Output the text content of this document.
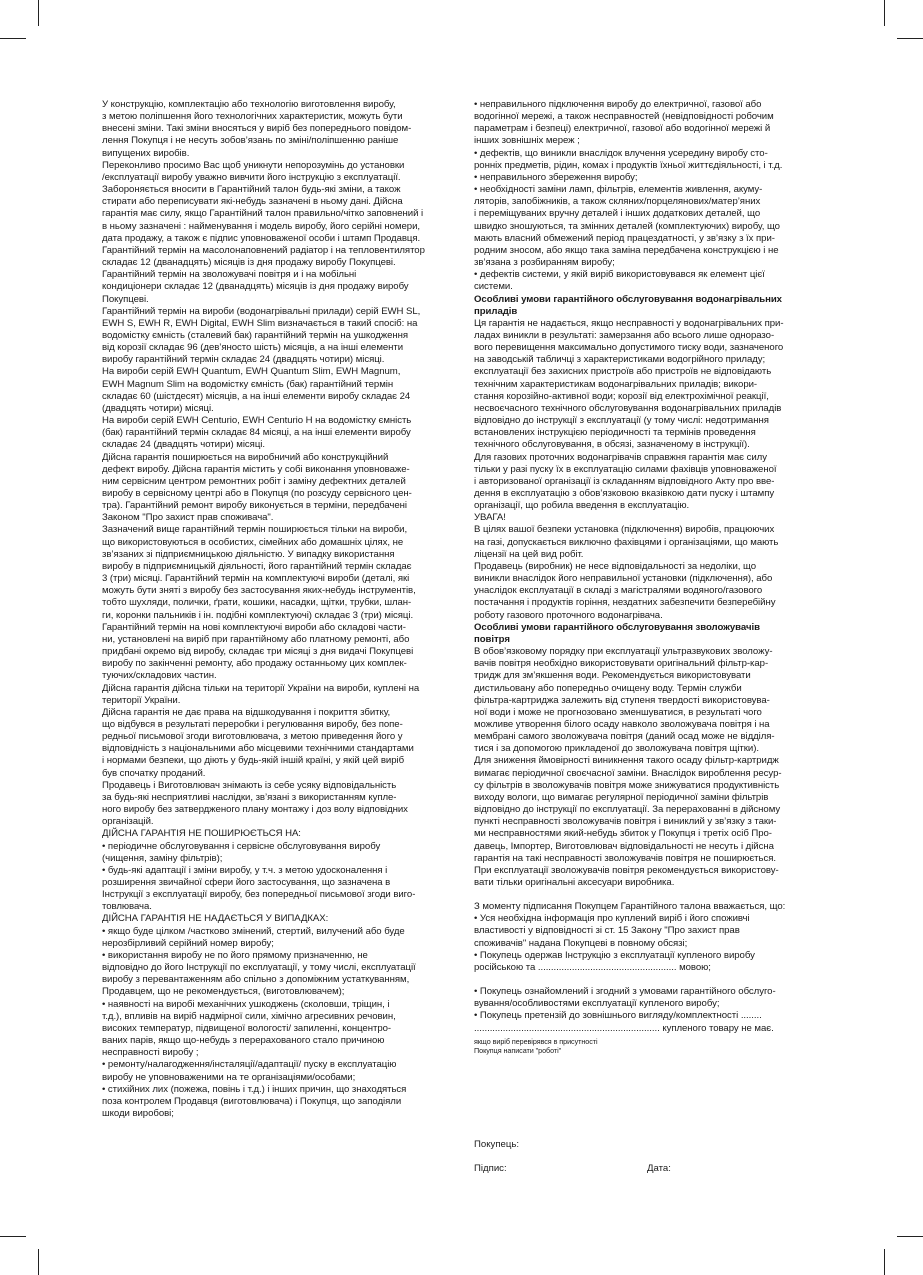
У конструкцію, комплектацію або технологію виготовлення виробу,
з метою поліпшення його технологічних характеристик, можуть бути
внесені зміни. Такі зміни вносяться у виріб без попереднього повідом-
лення Покупця і не несуть зобов’язань по зміні/поліпшенню раніше
випущених виробів.
Переконливо просимо Вас щоб уникнути непорозумінь до установки
/експлуатації виробу уважно вивчити його інструкцію з експлуатації.
Забороняється вносити в Гарантійний талон будь-які зміни, а також
стирати або переписувати які-небудь зазначені в ньому дані. Дійсна
гарантія має силу, якщо Гарантійний талон правильно/чітко заповнений і
в ньому зазначені : найменування і модель виробу, його серійні номери,
дата продажу, а також є підпис уповноваженої особи і штамп Продавця.
Гарантійний термін на масолонаповнений радіатор і на тепловентилятор
складає 12 (дванадцять) місяців із дня продажу виробу Покупцеві.
Гарантійний термін на зволожувачі повітря и і на мобільні
кондиціонери складає 12 (дванадцять) місяців із дня продажу виробу
Покупцеві.
Гарантійний термін на вироби (водонагрівальні прилади) серій EWH SL,
EWH S, EWH R, EWH Digital, EWH Slim визначається в такий спосіб: на
водомістку ємність (сталевий бак) гарантійний термін на ушкодження
від корозії складає 96 (дев’яносто шість) місяців, а на інші елементи
виробу гарантійний термін складає 24 (двадцять чотири) місяці.
На вироби серій EWH Quantum, EWH Quantum Slim, EWH Magnum,
EWH Magnum Slim на водомістку ємність (бак) гарантійний термін
складає 60 (шістдесят) місяців, а на інші елементи виробу складає 24
(двадцять чотири) місяці.
На вироби серій EWH Centurio, EWH Centurio H на водомістку ємність
(бак) гарантійний термін складає 84 місяці, а на інші елементи виробу
складає 24 (двадцять чотири) місяці.
Дійсна гарантія поширюється на виробничий або конструкційний
дефект виробу. Дійсна гарантія містить у собі виконання уповноваже-
ним сервісним центром ремонтних робіт і заміну дефектних деталей
виробу в сервісному центрі або в Покупця (по розсуду сервісного цен-
тра). Гарантійний ремонт виробу виконується в терміни, передбачені
Законом "Про захист прав споживача".
Зазначений вище гарантійний термін поширюється тільки на вироби,
що використовуються в особистих, сімейних або домашніх цілях, не
зв’язаних зі підприємницькою діяльністю. У випадку використання
виробу в підприємницькій діяльності, його гарантійний термін складає
3 (три) місяці. Гарантійний термін на комплектуючі вироби (деталі, які
можуть бути зняті з виробу без застосування яких-небудь інструментів,
тобто шухляди, полички, ґрати, кошики, насадки, щітки, трубки, шлан-
ги, коронки пальників і ін. подібні комплектуючі) складає 3 (три) місяці.
Гарантійний термін на нові комплектуючі вироби або складові части-
ни, установлені на виріб при гарантійному або платному ремонті, або
придбані окремо від виробу, складає три місяці з дня видачі Покупцеві
виробу по закінченні ремонту, або продажу останньому цих комплек-
туючих/складових частин.
Дійсна гарантія дійсна тільки на території України на вироби, куплені на
території України.
Дійсна гарантія не дає права на відшкодування і покриття збитку,
що відбувся в результаті переробки і регулювання виробу, без попе-
редньої письмової згоди виготовлювача, з метою приведення його у
відповідність з національними або місцевими технічними стандартами
і нормами безпеки, що діють у будь-якій іншій країні, у якій цей виріб
був спочатку проданий.
Продавець і Виготовлювач знімають із себе усяку відповідальність
за будь-які несприятливі наслідки, зв’язані з використанням купле-
ного виробу без затвердженого плану монтажу і доз волу відповідних
організацій.
ДІЙСНА ГАРАНТІЯ НЕ ПОШИРЮЄТЬСЯ НА:
• періодичне обслуговування і сервісне обслуговування виробу
(чищення, заміну фільтрів);
• будь-які адаптації і зміни виробу, у т.ч. з метою удосконалення і
розширення звичайної сфери його застосування, що зазначена в
Інструкції з експлуатації виробу, без попередньої письмової згоди виго-
товлювача.
ДІЙСНА ГАРАНТІЯ НЕ НАДАЄТЬСЯ У ВИПАДКАХ:
• якщо буде цілком /частково змінений, стертий, вилучений або буде
нерозбірливий серійний номер виробу;
• використання виробу не по його прямому призначенню, не
відповідно до його Інструкції по експлуатації, у тому числі, експлуатації
виробу з перевантаженням або спільно з допоміжним устаткуванням,
Продавцем, що не рекомендується, (виготовлювачем);
• наявності на виробі механічних ушкоджень (сколовши, тріщин, і
т.д.), впливів на виріб надмірної сили, хімічно агресивних речовин,
високих температур, підвищеної вологості/ запиленні, концентро-
ваних парів, якщо що-небудь з перерахованого стало причиною
несправності виробу ;
• ремонту/налагодження/інсталяції/адаптації/ пуску в експлуатацію
виробу не уповноваженими на те організаціями/особами;
• стихійних лих (пожежа, повінь і т.д.) і інших причин, що знаходяться
поза контролем Продавця (виготовлювача) і Покупця, що заподіяли
шкоди виробові;
• неправильного підключення виробу до електричної, газової або
водогінної мережі, а також несправностей (невідповідності робочим
параметрам і безпеці) електричної, газової або водогінної мережі й
інших зовнішніх мереж ;
• дефектів, що виникли внаслідок влучення усередину виробу сто-
ронніх предметів, рідин, комах і продуктів їхньої життєдіяльності, і т.д.
• неправильного збереження виробу;
• необхідності заміни ламп, фільтрів, елементів живлення, акуму-
ляторів, запобіжників, а також скляних/порцелянових/матер’яних
і переміщуваних вручну деталей і інших додаткових деталей, що
швидко зношуються, та змінних деталей (комплектуючих) виробу, що
мають власний обмежений період працездатності, у зв’язку з їх при-
родним зносом, або якщо така заміна передбачена конструкцією і не
зв’язана з розбиранням виробу;
• дефектів системи, у якій виріб використовувався як елемент цієї
системи.
Особливі умови гарантійного обслуговування водонагрівальних
приладів
Ця гарантія не надається, якщо несправності у водонагрівальних при-
ладах виникли в результаті: замерзання або всього лише одноразо-
вого перевищення максимально допустимого тиску води, зазначеного
на заводській табличці з характеристиками водогрійного приладу;
експлуатації без захисних пристроїв або пристроїв не відповідають
технічним характеристикам водонагрівальних приладів; викори-
стання корозійно-активної води; корозії від електрохімічної реакції,
несвоєчасного технічного обслуговування водонагрівальних приладів
відповідно до інструкції з експлуатації (у тому числі: недотримання
встановлених інструкцією періодичності та термінів проведення
технічного обслуговування, в обсязі, зазначеному в інструкції).
Для газових проточних водонагрівачів справжня гарантія має силу
тільки у разі пуску їх в експлуатацію силами фахівців уповноваженої
і авторизованої організації із складанням відповідного Акту про вве-
дення в експлуатацію з обов’язковою вказівкою дати пуску і штампу
організації, що робила введення в експлуатацію.
УВАГА!
В цілях вашої безпеки установка (підключення) виробів, працюючих
на газі, допускається виключно фахівцями і організаціями, що мають
ліцензії на цей вид робіт.
Продавець (виробник) не несе відповідальності за недоліки, що
виникли внаслідок його неправильної установки (підключення), або
унаслідок експлуатації в складі з магістралями водяного/газового
постачання і продуктів горіння, нездатних забезпечити безперебійну
роботу газового проточного водонагрівача.
Особливі умови гарантійного обслуговування зволожувачів
повітря
В обов’язковому порядку при експлуатації ультразвукових зволожу-
вачів повітря необхідно використовувати оригінальний фільтр-кар-
тридж для зм’якшення води. Рекомендується використовувати
дистильовану або попередньо очищену воду. Термін служби
фільтра-картриджа залежить від ступеня твердості використовува-
ної води і може не прогнозовано зменшуватися, в результаті чого
можливе утворення білого осаду навколо зволожувача повітря і на
мембрані самого зволожувача повітря (даний осад може не відділя-
тися і за допомогою прикладеної до зволожувача повітря щітки).
Для зниження ймовірності виникнення такого осаду фільтр-картридж
вимагає періодичної своєчасної заміни. Внаслідок вироблення ресур-
су фільтрів в зволожувачів повітря може знижуватися продуктивність
виходу вологи, що вимагає регулярної періодичної заміни фільтрів
відповідно до інструкції по експлуатації. За перерахованні в дійсному
пункті несправності зволожувачів повітря і виниклий у зв’язку з таки-
ми несправностями який-небудь збиток у Покупця і третіх осіб Про-
давець, Імпортер, Виготовлювач відповідальності не несуть і дійсна
гарантія на такі несправності зволожувачів повітря не поширюється.
При експлуатації зволожувачів повітря рекомендується використову-
вати тільки оригінальні аксесуари виробника.
З моменту підписання Покупцем Гарантійного талона вважається, що:
• Уся необхідна інформація про куплений виріб і його споживчі
властивості у відповідності зі ст. 15 Закону "Про захист прав
споживачів" надана Покупцеві в повному обсязі;
• Покупець одержав Інструкцію з експлуатації купленого виробу
російською та ..................................................... мовою;
• Покупець ознайомлений і згодний з умовами гарантійного обслуго-
вування/особливостями експлуатації купленого виробу;
• Покупець претензій до зовнішнього вигляду/комплектності ........
....................................................................... купленого товару не має.
якщо виріб перевірявся в присутності
Покупця написати "роботі"
Покупець:
Підпис:	Дата:
